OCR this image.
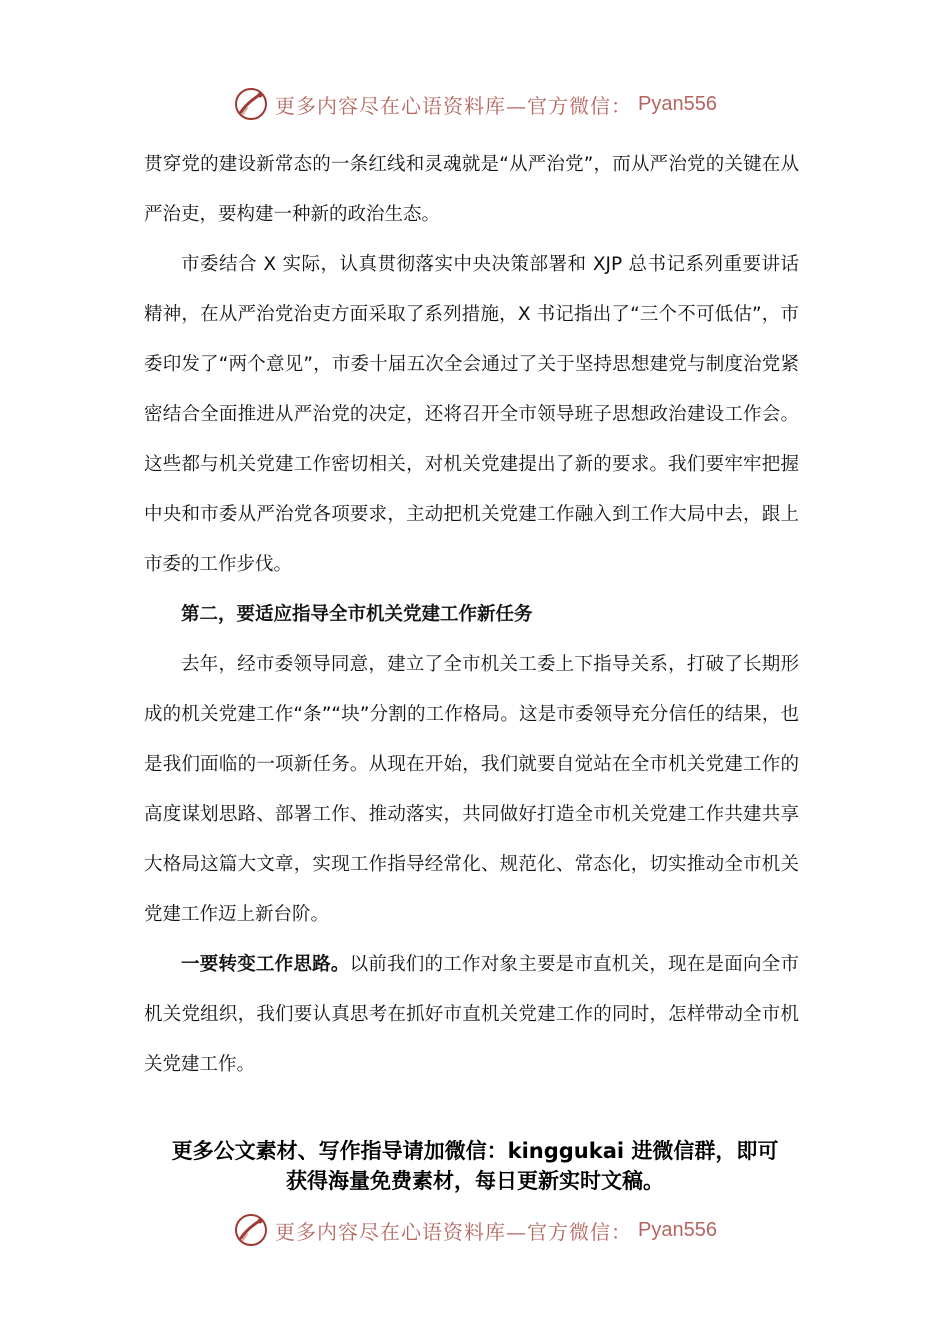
更多内容尽在心语资料库—官方微信： Pyan556

贯穿党的建设新常态的一条红线和灵魂就是“从严治党”，而从严治党的关键在从严治吏，要构建一种新的政治生态。

市委结合 X 实际，认真贯彻落实中央决策部署和 XJP 总书记系列重要讲话精神，在从严治党治吏方面采取了系列措施，X 书记指出了“三个不可低估”，市委印发了“两个意见”，市委十届五次全会通过了关于坚持思想建党与制度治党紧密结合全面推进从严治党的决定，还将召开全市领导班子思想政治建设工作会。这些都与机关党建工作密切相关，对机关党建提出了新的要求。我们要牢牢把握中央和市委从严治党各项要求，主动把机关党建工作融入到工作大局中去，跟上市委的工作步伐。

第二，要适应指导全市机关党建工作新任务

去年，经市委领导同意，建立了全市机关工委上下指导关系，打破了长期形成的机关党建工作“条”“块”分割的工作格局。这是市委领导充分信任的结果，也是我们面临的一项新任务。从现在开始，我们就要自觉站在全市机关党建工作的高度谋划思路、部署工作、推动落实，共同做好打造全市机关党建工作共建共享大格局这篇大文章，实现工作指导经常化、规范化、常态化，切实推动全市机关党建工作迈上新台阶。

一要转变工作思路。以前我们的工作对象主要是市直机关，现在是面向全市机关党组织，我们要认真思考在抓好市直机关党建工作的同时，怎样带动全市机关党建工作。

更多公文素材、写作指导请加微信：kinggukai 进微信群，即可
获得海量免费素材，每日更新实时文稿。
更多内容尽在心语资料库—官方微信： Pyan556
